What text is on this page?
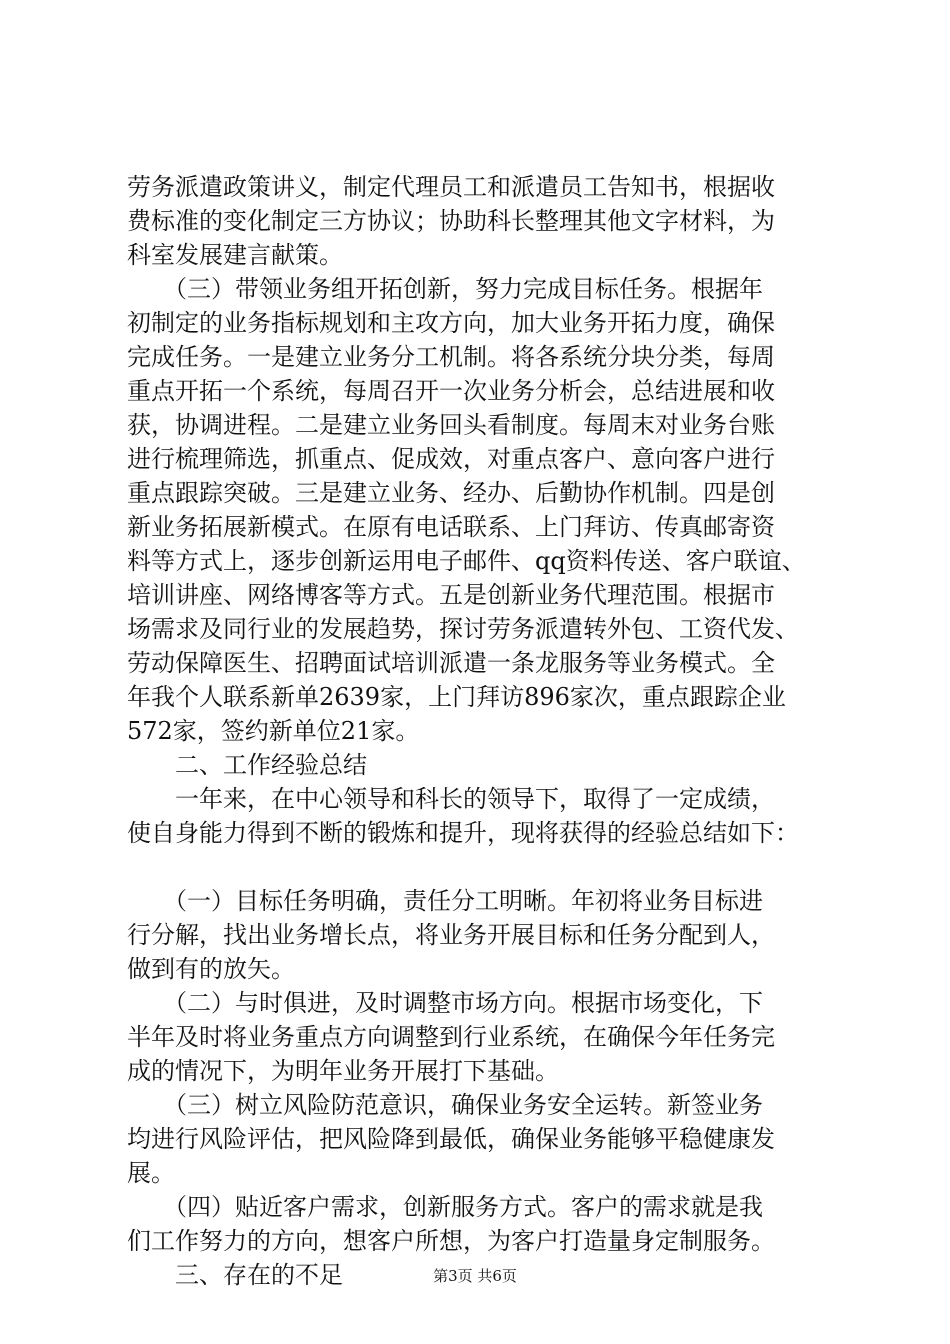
劳务派遣政策讲义，制定代理员工和派遣员工告知书，根据收
费标准的变化制定三方协议；协助科长整理其他文字材料，为
科室发展建言献策。
　　（三）带领业务组开拓创新，努力完成目标任务。根据年
初制定的业务指标规划和主攻方向，加大业务开拓力度，确保
完成任务。一是建立业务分工机制。将各系统分块分类，每周
重点开拓一个系统，每周召开一次业务分析会，总结进展和收
获，协调进程。二是建立业务回头看制度。每周末对业务台账
进行梳理筛选，抓重点、促成效，对重点客户、意向客户进行
重点跟踪突破。三是建立业务、经办、后勤协作机制。四是创
新业务拓展新模式。在原有电话联系、上门拜访、传真邮寄资
料等方式上，逐步创新运用电子邮件、qq资料传送、客户联谊、
培训讲座、网络博客等方式。五是创新业务代理范围。根据市
场需求及同行业的发展趋势，探讨劳务派遣转外包、工资代发、
劳动保障医生、招聘面试培训派遣一条龙服务等业务模式。全
年我个人联系新单2639家，上门拜访896家次，重点跟踪企业
572家，签约新单位21家。
　　二、工作经验总结
　　一年来，在中心领导和科长的领导下，取得了一定成绩，
使自身能力得到不断的锻炼和提升，现将获得的经验总结如下：
　　（一）目标任务明确，责任分工明晰。年初将业务目标进
行分解，找出业务增长点，将业务开展目标和任务分配到人，
做到有的放矢。
　　（二）与时俱进，及时调整市场方向。根据市场变化，下
半年及时将业务重点方向调整到行业系统，在确保今年任务完
成的情况下，为明年业务开展打下基础。
　　（三）树立风险防范意识，确保业务安全运转。新签业务
均进行风险评估，把风险降到最低，确保业务能够平稳健康发
展。
　　（四）贴近客户需求，创新服务方式。客户的需求就是我
们工作努力的方向，想客户所想，为客户打造量身定制服务。
　　三、存在的不足	第3页 共6页
